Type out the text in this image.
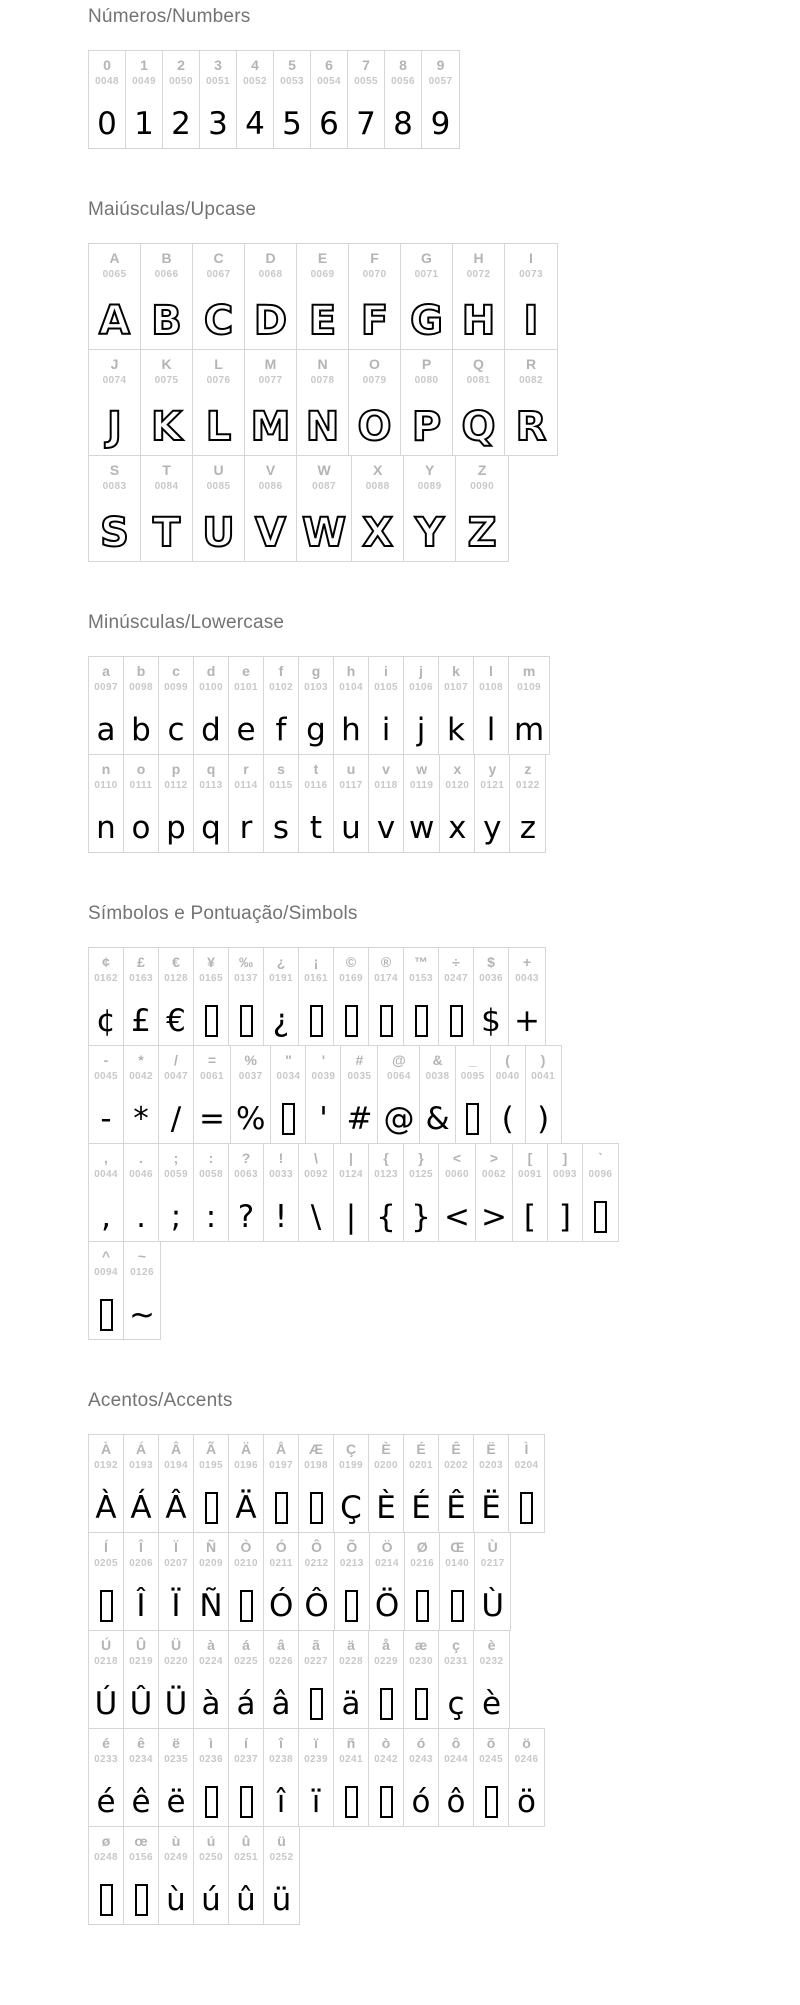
Números/Numbers
0
0048
0
1
0049
1
2
0050
2
3
0051
3
4
0052
4
5
0053
5
6
0054
6
7
0055
7
8
0056
8
9
0057
9
Maiúsculas/Upcase
A
0065
A
B
0066
B
C
0067
C
D
0068
D
E
0069
E
F
0070
F
G
0071
G
H
0072
H
I
0073
I
J
0074
J
K
0075
K
L
0076
L
M
0077
M
N
0078
N
O
0079
O
P
0080
P
Q
0081
Q
R
0082
R
S
0083
S
T
0084
T
U
0085
U
V
0086
V
W
0087
W
X
0088
X
Y
0089
Y
Z
0090
Z
Minúsculas/Lowercase
a
0097
a
b
0098
b
c
0099
c
d
0100
d
e
0101
e
f
0102
f
g
0103
g
h
0104
h
i
0105
i
j
0106
j
k
0107
k
l
0108
l
m
0109
m
n
0110
n
o
0111
o
p
0112
p
q
0113
q
r
0114
r
s
0115
s
t
0116
t
u
0117
u
v
0118
v
w
0119
w
x
0120
x
y
0121
y
z
0122
z
Símbolos e Pontuação/Simbols
¢
0162
¢
£
0163
£
€
0128
€
¥
0165
‰
0137
¿
0191
¿
¡
0161
©
0169
®
0174
™
0153
÷
0247
$
0036
$
+
0043
+
-
0045
-
*
0042
*
/
0047
/
=
0061
=
%
0037
%
"
0034
'
0039
'
#
0035
#
@
0064
@
&
0038
&
_
0095
(
0040
(
)
0041
)
,
0044
,
.
0046
.
;
0059
;
:
0058
:
?
0063
?
!
0033
!
\
0092
\
|
0124
|
{
0123
{
}
0125
}
<
0060
<
>
0062
>
[
0091
[
]
0093
]
`
0096
^
0094
~
0126
~
Acentos/Accents
À
0192
À
Á
0193
Á
Â
0194
Â
Ã
0195
Ä
0196
Ä
Å
0197
Æ
0198
Ç
0199
Ç
È
0200
È
É
0201
É
Ê
0202
Ê
Ë
0203
Ë
Ì
0204
Í
0205
Î
0206
Î
Ï
0207
Ï
Ñ
0209
Ñ
Ò
0210
Ó
0211
Ó
Ô
0212
Ô
Õ
0213
Ö
0214
Ö
Ø
0216
Œ
0140
Ù
0217
Ù
Ú
0218
Ú
Û
0219
Û
Ü
0220
Ü
à
0224
à
á
0225
á
â
0226
â
ã
0227
ä
0228
ä
å
0229
æ
0230
ç
0231
ç
è
0232
è
é
0233
é
ê
0234
ê
ë
0235
ë
ì
0236
í
0237
î
0238
î
ï
0239
ï
ñ
0241
ò
0242
ó
0243
ó
ô
0244
ô
õ
0245
ö
0246
ö
ø
0248
œ
0156
ù
0249
ù
ú
0250
ú
û
0251
û
ü
0252
ü
